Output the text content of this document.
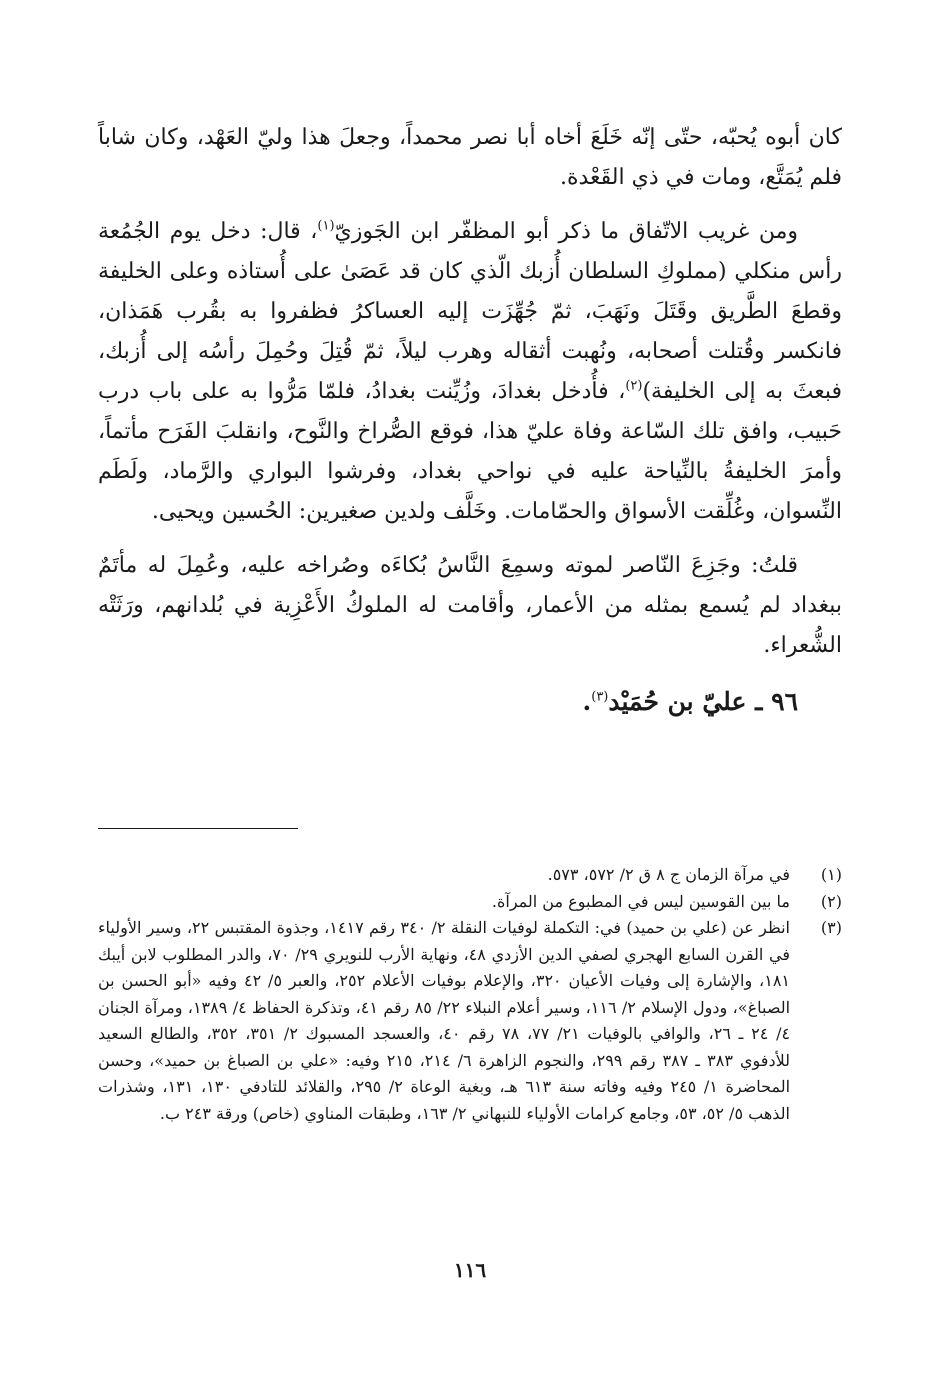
كان أبوه يُحبّه، حتّى إنّه خَلَعَ أخاه أبا نصر محمداً، وجعلَ هذا وليّ العَهْد، وكان شاباً فلم يُمَتَّع، ومات في ذي القَعْدة.

ومن غريب الاتّفاق ما ذكر أبو المظفّر ابن الجَوزيّ$^{(١)}$، قال: دخل يوم الجُمُعة رأس منكلي (مملوكِ السلطان أُزبك الّذي كان قد عَصَىٰ على أُستاذه وعلى الخليفة وقطعَ الطَّريق وقَتَلَ ونَهَبَ، ثمّ جُهِّزَت إليه العساكرُ فظفروا به بقُرب هَمَذان، فانكسر وقُتلت أصحابه، ونُهبت أثقاله وهرب ليلاً، ثمّ قُتِلَ وحُمِلَ رأسُه إلى أُزبك، فبعثَ به إلى الخليفة)$^{(٢)}$، فأُدخل بغدادَ، وزُيِّنت بغدادُ، فلمّا مَرُّوا به على باب درب حَبيب، وافق تلك السّاعة وفاة عليّ هذا، فوقع الصُّراخ والنَّوح، وانقلبَ الفَرَح مأتماً، وأمرَ الخليفةُ بالنِّياحة عليه في نواحي بغداد، وفرشوا البواري والرَّماد، ولَطَم النِّسوان، وغُلِّقت الأسواق والحمّامات. وخَلَّف ولدين صغيرين: الحُسين ويحيى.

قلتُ: وجَزِعَ النّاصر لموته وسمِعَ النَّاسُ بُكاءَه وصُراخه عليه، وعُمِلَ له مأتَمٌ ببغداد لم يُسمع بمثله من الأعمار، وأقامت له الملوكُ الأَعْزِية في بُلدانهم، ورَثَتْه الشُّعراء.

٩٦ ـ عليّ بن حُمَيْد$^{(٣)}$.
(١)
في مرآة الزمان ج ٨ ق ٢/ ٥٧٢، ٥٧٣.
(٢)
ما بين القوسين ليس في المطبوع من المرآة.
(٣)
انظر عن (علي بن حميد) في: التكملة لوفيات النقلة ٢/ ٣٤٠ رقم ١٤١٧، وجذوة المقتبس ٢٢، وسير الأولياء في القرن السابع الهجري لصفي الدين الأزدي ٤٨، ونهاية الأرب للنويري ٢٩/ ٧٠، والدر المطلوب لابن أيبك ١٨١، والإشارة إلى وفيات الأعيان ٣٢٠، والإعلام بوفيات الأعلام ٢٥٢، والعبر ٥/ ٤٢ وفيه «أبو الحسن بن الصباغ»، ودول الإسلام ٢/ ١١٦، وسير أعلام النبلاء ٢٢/ ٨٥ رقم ٤١، وتذكرة الحفاظ ٤/ ١٣٨٩، ومرآة الجنان ٤/ ٢٤ ـ ٢٦، والوافي بالوفيات ٢١/ ٧٧، ٧٨ رقم ٤٠، والعسجد المسبوك ٢/ ٣٥١، ٣٥٢، والطالع السعيد للأدفوي ٣٨٣ ـ ٣٨٧ رقم ٢٩٩، والنجوم الزاهرة ٦/ ٢١٤، ٢١٥ وفيه: «علي بن الصباغ بن حميد»، وحسن المحاضرة ١/ ٢٤٥ وفيه وفاته سنة ٦١٣ هـ، وبغية الوعاة ٢/ ٢٩٥، والقلائد للتادفي ١٣٠، ١٣١، وشذرات الذهب ٥/ ٥٢، ٥٣، وجامع كرامات الأولياء للنبهاني ٢/ ١٦٣، وطبقات المناوي (خاص) ورقة ٢٤٣ ب.
١١٦
